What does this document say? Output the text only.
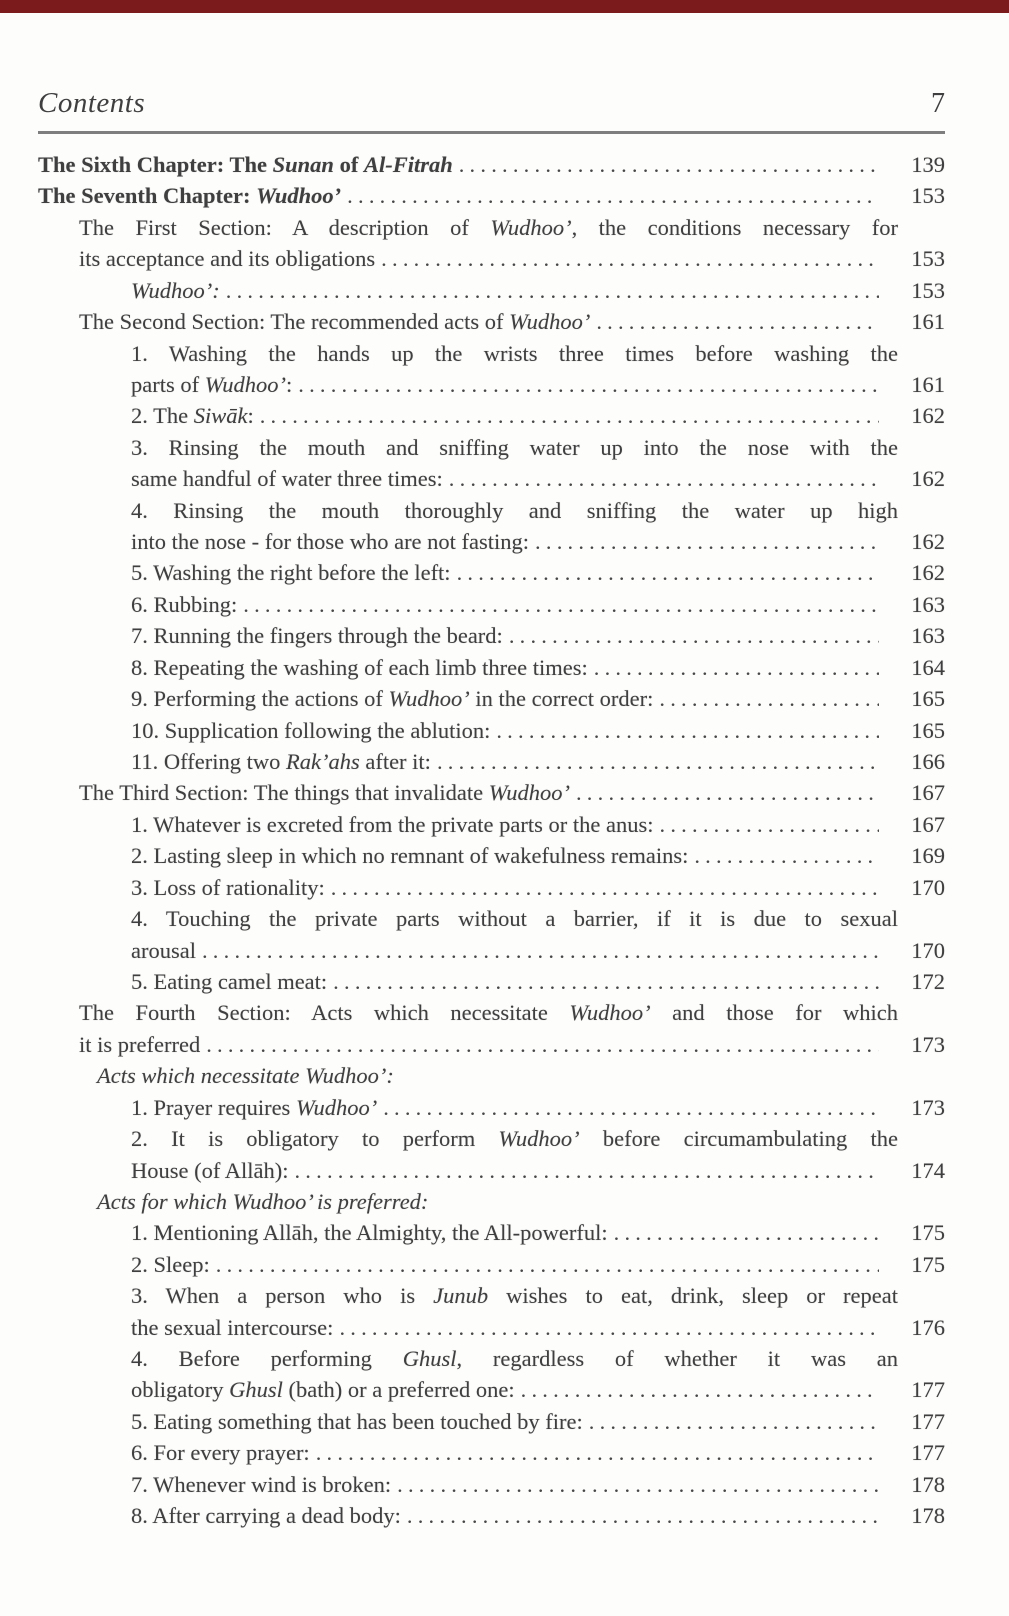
Contents	7
The Sixth Chapter: The Sunan of Al-Fitrah .....	139
The Seventh Chapter: Wudhoo’ .....	153
The First Section: A description of Wudhoo’, the conditions necessary for
its acceptance and its obligations .....	153
Wudhoo’: .....	153
The Second Section: The recommended acts of Wudhoo’ .....	161
1. Washing the hands up the wrists three times before washing the
parts of Wudhoo’: .....	161
2. The Siwāk: .....	162
3. Rinsing the mouth and sniffing water up into the nose with the
same handful of water three times: .....	162
4. Rinsing the mouth thoroughly and sniffing the water up high
into the nose - for those who are not fasting: .....	162
5. Washing the right before the left: .....	162
6. Rubbing: .....	163
7. Running the fingers through the beard: .....	163
8. Repeating the washing of each limb three times: .....	164
9. Performing the actions of Wudhoo’ in the correct order: .....	165
10. Supplication following the ablution: .....	165
11. Offering two Rak’ahs after it: .....	166
The Third Section: The things that invalidate Wudhoo’ .....	167
1. Whatever is excreted from the private parts or the anus: .....	167
2. Lasting sleep in which no remnant of wakefulness remains: .....	169
3. Loss of rationality: .....	170
4. Touching the private parts without a barrier, if it is due to sexual
arousal .....	170
5. Eating camel meat: .....	172
The Fourth Section: Acts which necessitate Wudhoo’ and those for which
it is preferred .....	173
Acts which necessitate Wudhoo’:
1. Prayer requires Wudhoo’ .....	173
2. It is obligatory to perform Wudhoo’ before circumambulating the
House (of Allāh): .....	174
Acts for which Wudhoo’ is preferred:
1. Mentioning Allāh, the Almighty, the All-powerful: .....	175
2. Sleep: .....	175
3. When a person who is Junub wishes to eat, drink, sleep or repeat
the sexual intercourse: .....	176
4. Before performing Ghusl, regardless of whether it was an
obligatory Ghusl (bath) or a preferred one: .....	177
5. Eating something that has been touched by fire: .....	177
6. For every prayer: .....	177
7. Whenever wind is broken: .....	178
8. After carrying a dead body: .....	178
